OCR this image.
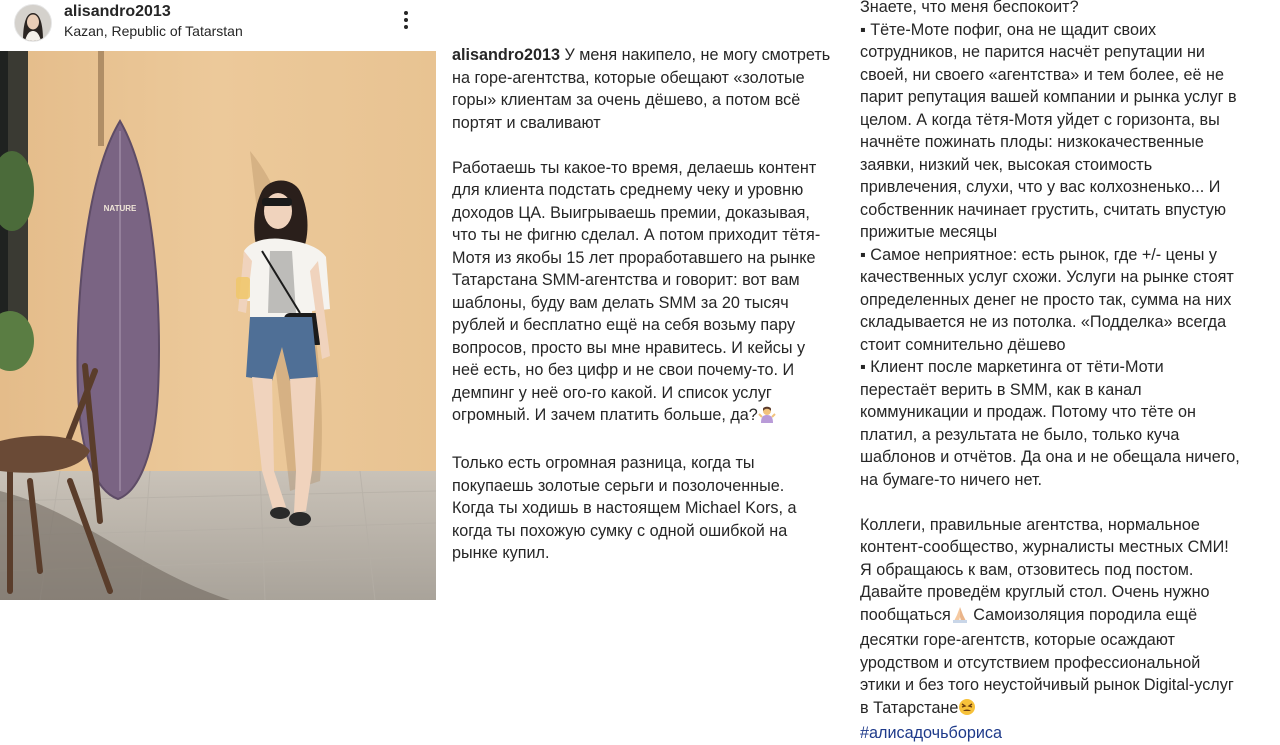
alisandro2013
Kazan, Republic of Tatarstan
NATURE
alisandro2013 У меня накипело, не могу смотреть
на горе-агентства, которые обещают «золотые
горы» клиентам за очень дёшево, а потом всё
портят и сваливают

Работаешь ты какое-то время, делаешь контент
для клиента подстать среднему чеку и уровню
доходов ЦА. Выигрываешь премии, доказывая,
что ты не фигню сделал. А потом приходит тётя-
Мотя из якобы 15 лет проработавшего на рынке
Татарстана SMM-агентства и говорит: вот вам
шаблоны, буду вам делать SMM за 20 тысяч
рублей и бесплатно ещё на себя возьму пару
вопросов, просто вы мне нравитесь. И кейсы у
неё есть, но без цифр и не свои почему-то. И
демпинг у неё ого-го какой. И список услуг
огромный. И зачем платить больше, да?

Только есть огромная разница, когда ты
покупаешь золотые серьги и позолоченные.
Когда ты ходишь в настоящем Michael Kors, а
когда ты похожую сумку с одной ошибкой на
рынке купил.
Знаете, что меня беспокоит?
▪ Тёте-Моте пофиг, она не щадит своих
сотрудников, не парится насчёт репутации ни
своей, ни своего «агентства» и тем более, её не
парит репутация вашей компании и рынка услуг в
целом. А когда тётя-Мотя уйдет с горизонта, вы
начнёте пожинать плоды: низкокачественные
заявки, низкий чек, высокая стоимость
привлечения, слухи, что у вас колхозненько... И
собственник начинает грустить, считать впустую
прижитые месяцы
▪ Самое неприятное: есть рынок, где +/- цены у
качественных услуг схожи. Услуги на рынке стоят
определенных денег не просто так, сумма на них
складывается не из потолка. «Подделка» всегда
стоит сомнительно дёшево
▪ Клиент после маркетинга от тёти-Моти
перестаёт верить в SMM, как в канал
коммуникации и продаж. Потому что тёте он
платил, а результата не было, только куча
шаблонов и отчётов. Да она и не обещала ничего,
на бумаге-то ничего нет.

Коллеги, правильные агентства, нормальное
контент-сообщество, журналисты местных СМИ!
Я обращаюсь к вам, отзовитесь под постом.
Давайте проведём круглый стол. Очень нужно
пообщаться Самоизоляция породила ещё
десятки горе-агентств, которые осаждают
уродством и отсутствием профессиональной
этики и без того неустойчивый рынок Digital-услуг
в Татарстане
#алисадочьбориса
